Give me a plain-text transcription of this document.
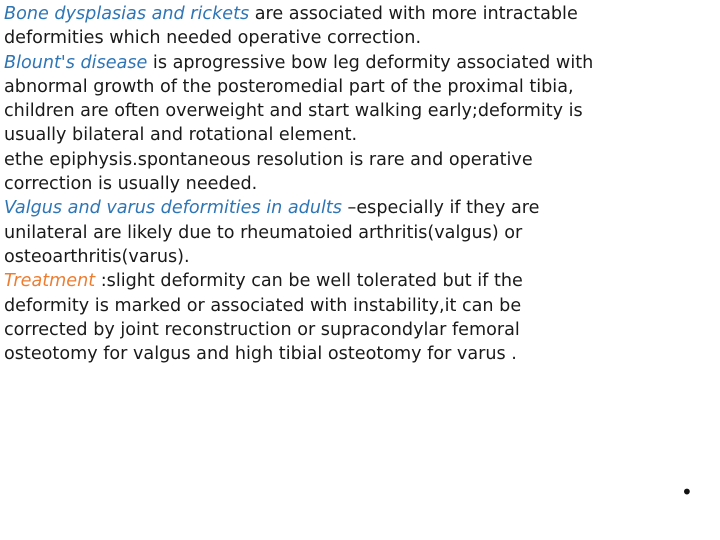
Bone dysplasias and rickets are associated with more intractable
deformities which needed operative correction.

Blount's disease is aprogressive bow leg deformity associated with
abnormal growth of the posteromedial part of the proximal tibia,
children are often overweight and start walking early;deformity is
usually bilateral and rotational element.
ethe epiphysis.spontaneous resolution is rare and operative
correction is usually needed.

Valgus and varus deformities in adults –especially if they are
unilateral are likely due to rheumatoied arthritis(valgus) or
osteoarthritis(varus).

Treatment :slight deformity can be well tolerated but if the
deformity is marked or associated with instability,it can be
corrected by joint reconstruction or supracondylar femoral
osteotomy for valgus and high tibial osteotomy for varus .

•
